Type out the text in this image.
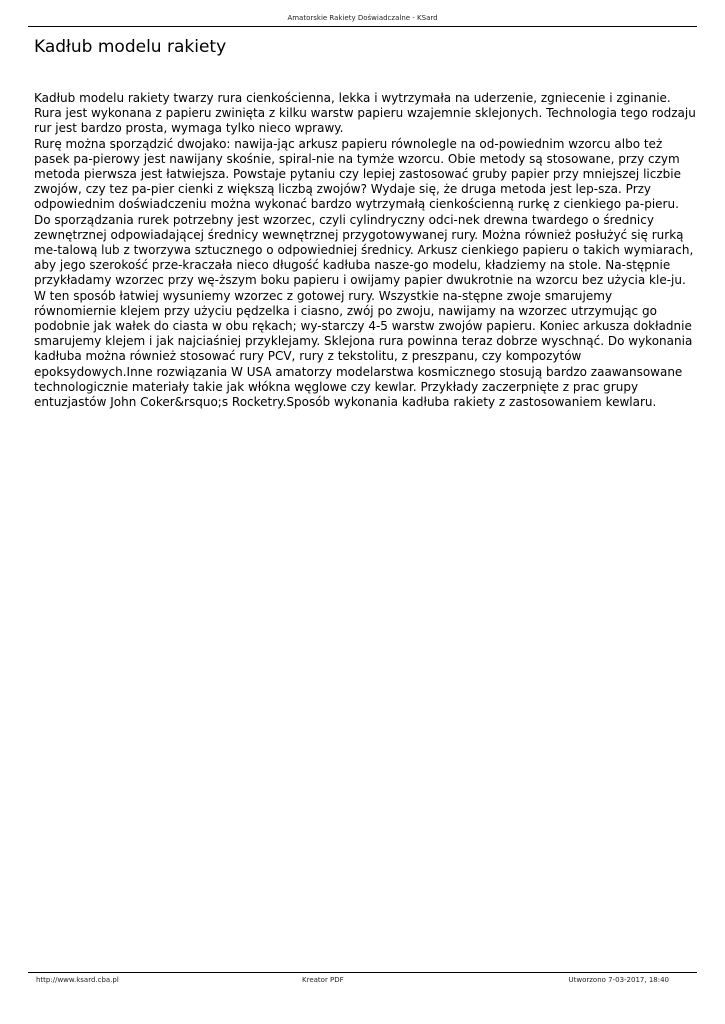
Amatorskie Rakiety Doświadczalne - KSard
Kadłub modelu rakiety

Kadłub modelu rakiety twarzy rura cienkościenna, lekka i wytrzymała na uderzenie, zgniecenie i zginanie. Rura jest wykonana z papieru zwinięta z kilku warstw papieru wzajemnie sklejonych. Technologia tego rodzaju rur jest bardzo prosta, wymaga tylko nieco wprawy.

Rurę można sporządzić dwojako: nawija-jąc arkusz papieru równolegle na od-powiednim wzorcu albo też pasek pa-pierowy jest nawijany skośnie, spiral-nie na tymże wzorcu. Obie metody są stosowane, przy czym metoda pierwsza jest łatwiejsza. Powstaje pytaniu czy lepiej zastosować gruby papier przy mniejszej liczbie zwojów, czy tez pa-pier cienki z większą liczbą zwojów? Wydaje się, że druga metoda jest lep-sza. Przy odpowiednim doświadczeniu można wykonać bardzo wytrzymałą cienkościenną rurkę z cienkiego pa-pieru. Do sporządzania rurek potrzebny jest wzorzec, czyli cylindryczny odci-nek drewna twardego o średnicy zewnętrznej odpowiadającej średnicy wewnętrznej przygotowywanej rury. Można również posłużyć się rurką me-talową lub z tworzywa sztucznego o odpowiedniej średnicy. Arkusz cienkiego papieru o takich wymiarach, aby jego szerokość prze-kraczała nieco długość kadłuba nasze-go modelu, kładziemy na stole. Na-stępnie przykładamy wzorzec przy wę-ższym boku papieru i owijamy papier dwukrotnie na wzorcu bez użycia kle-ju. W ten sposób łatwiej wysuniemy wzorzec z gotowej rury. Wszystkie na-stępne zwoje smarujemy równomiernie klejem przy użyciu pędzelka i ciasno, zwój po zwoju, nawijamy na wzorzec utrzymując go podobnie jak wałek do ciasta w obu rękach; wy-starczy 4-5 warstw zwojów papieru. Koniec arkusza dokładnie smarujemy klejem i jak najciaśniej przyklejamy. Sklejona rura powinna teraz dobrze wyschnąć. Do wykonania kadłuba można również stosować rury PCV, rury z tekstolitu, z preszpanu, czy kompozytów epoksydowych.Inne rozwiązania W USA amatorzy modelarstwa kosmicznego stosują bardzo zaawansowane technologicznie materiały takie jak włókna węglowe czy kewlar. Przykłady zaczerpnięte z prac grupy entuzjastów John Coker&rsquo;s Rocketry.Sposób wykonania kadłuba rakiety z zastosowaniem kewlaru.

http://www.ksard.cba.pl	Kreator PDF	Utworzono 7-03-2017, 18:40
